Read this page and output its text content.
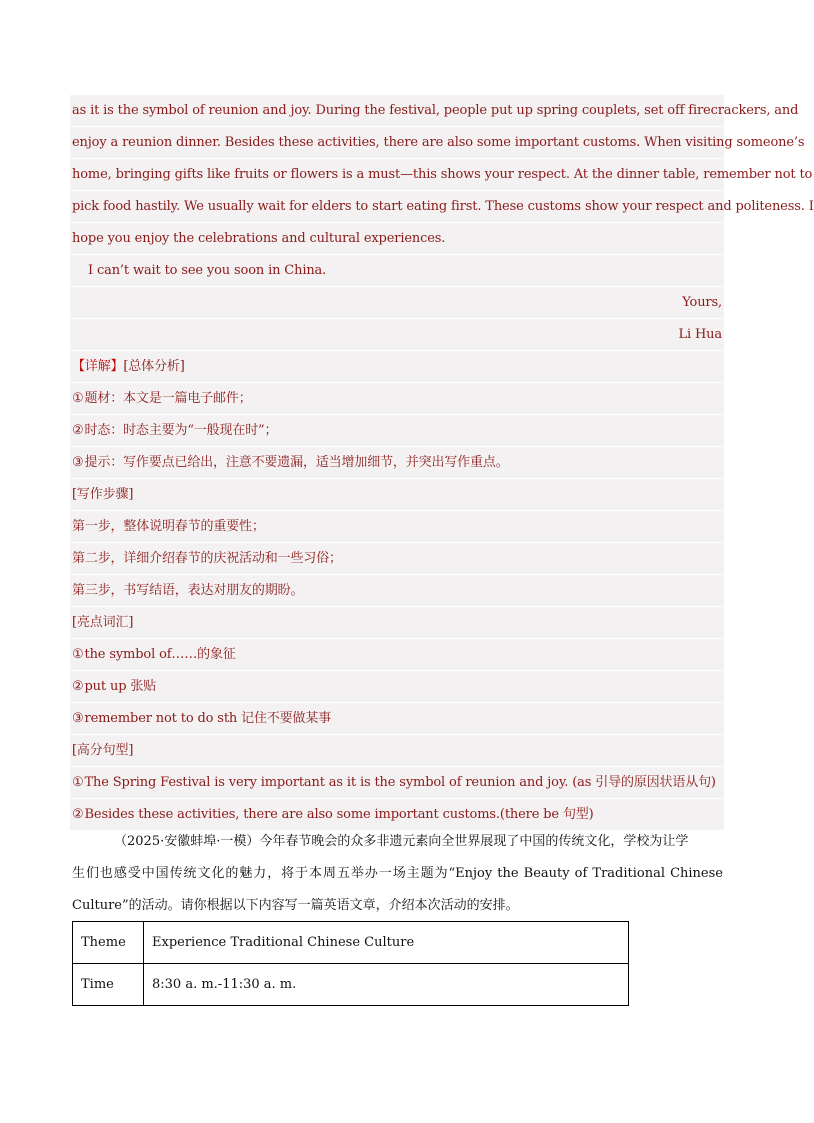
as it is the symbol of reunion and joy. During the festival, people put up spring couplets, set off firecrackers, and
enjoy a reunion dinner. Besides these activities, there are also some important customs. When visiting someone’s
home, bringing gifts like fruits or flowers is a must—this shows your respect. At the dinner table, remember not to
pick food hastily. We usually wait for elders to start eating first. These customs show your respect and politeness. I
hope you enjoy the celebrations and cultural experiences.
I can’t wait to see you soon in China.
Yours,
Li Hua
【详解】[总体分析]
①题材：本文是一篇电子邮件；
②时态：时态主要为“一般现在时”；
③提示：写作要点已给出，注意不要遗漏，适当增加细节，并突出写作重点。
[写作步骤]
第一步，整体说明春节的重要性；
第二步，详细介绍春节的庆祝活动和一些习俗；
第三步，书写结语，表达对朋友的期盼。
[亮点词汇]
①the symbol of……的象征
②put up 张贴
③remember not to do sth 记住不要做某事
[高分句型]
①The Spring Festival is very important as it is the symbol of reunion and joy. (as 引导的原因状语从句)
②Besides these activities, there are also some important customs.(there be 句型)
（2025·安徽蚌埠·一模）今年春节晚会的众多非遗元素向全世界展现了中国的传统文化，学校为让学
生们也感受中国传统文化的魅力，将于本周五举办一场主题为“Enjoy the Beauty of Traditional Chinese
Culture”的活动。请你根据以下内容写一篇英语文章，介绍本次活动的安排。
Theme	Experience Traditional Chinese Culture
Time	8:30 a. m.-11:30 a. m.
